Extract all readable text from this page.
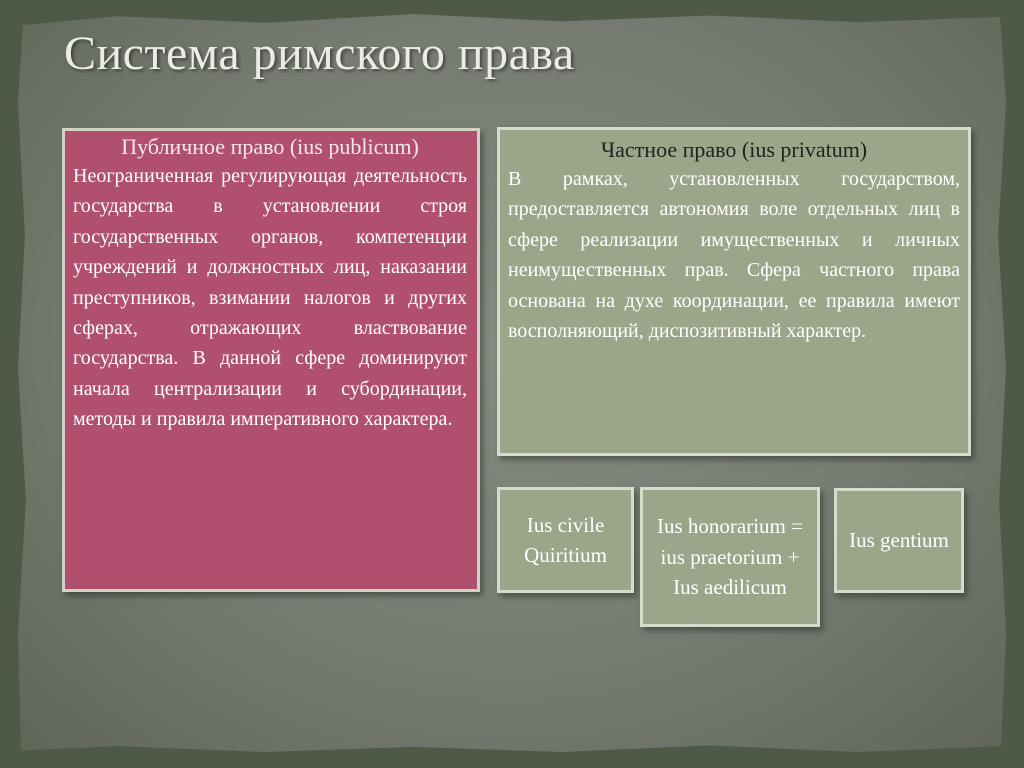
Система римского права
Публичное право (ius publicum)
Неограниченная регулирующая деятельность государства в установлении строя государственных органов, компетенции учреждений и должностных лиц, наказании преступников, взимании налогов и других сферах, отражающих властвование государства. В данной сфере доминируют начала централизации и субординации, методы и правила императивного характера.
Частное право (ius privatum)
В рамках, установленных государством, предоставляется автономия воле отдельных лиц в сфере реализации имущественных и личных неимущественных прав. Сфера частного права основана на духе координации, ее правила имеют восполняющий, диспозитивный характер.
Ius civile Quiritium
Ius honorarium = ius praetorium + Ius aedilicum
Ius gentium
